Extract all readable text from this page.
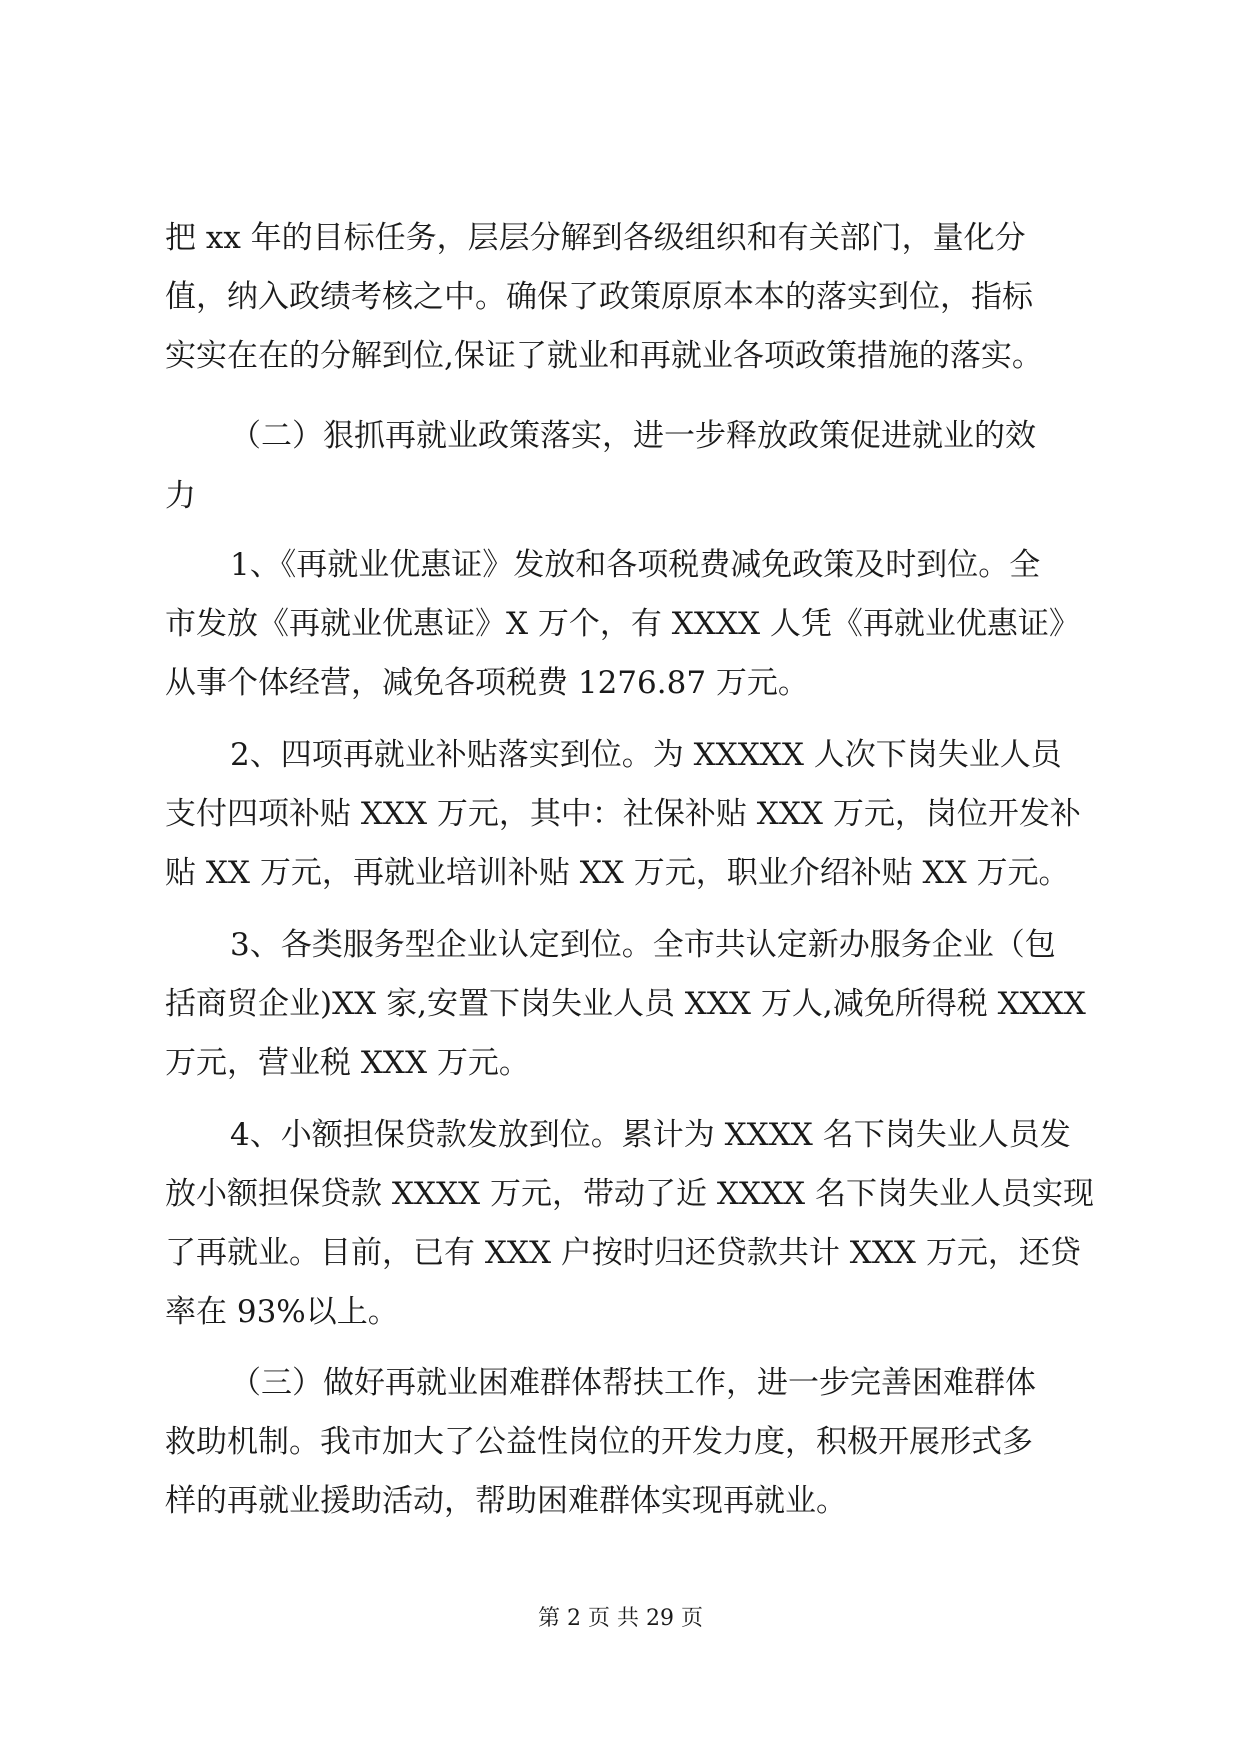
把 xx 年的目标任务，层层分解到各级组织和有关部门，量化分
值，纳入政绩考核之中。确保了政策原原本本的落实到位，指标
实实在在的分解到位,保证了就业和再就业各项政策措施的落实。
（二）狠抓再就业政策落实，进一步释放政策促进就业的效
力
1、《再就业优惠证》发放和各项税费减免政策及时到位。全
市发放《再就业优惠证》X 万个，有 XXXX 人凭《再就业优惠证》
从事个体经营，减免各项税费 1276.87 万元。
2、四项再就业补贴落实到位。为 XXXXX 人次下岗失业人员
支付四项补贴 XXX 万元，其中：社保补贴 XXX 万元，岗位开发补
贴 XX 万元，再就业培训补贴 XX 万元，职业介绍补贴 XX 万元。
3、各类服务型企业认定到位。全市共认定新办服务企业（包
括商贸企业)XX 家,安置下岗失业人员 XXX 万人,减免所得税 XXXX
万元，营业税 XXX 万元。
4、小额担保贷款发放到位。累计为 XXXX 名下岗失业人员发
放小额担保贷款 XXXX 万元，带动了近 XXXX 名下岗失业人员实现
了再就业。目前，已有 XXX 户按时归还贷款共计 XXX 万元，还贷
率在 93%以上。
（三）做好再就业困难群体帮扶工作，进一步完善困难群体
救助机制。我市加大了公益性岗位的开发力度，积极开展形式多
样的再就业援助活动，帮助困难群体实现再就业。
第 2 页 共 29 页
